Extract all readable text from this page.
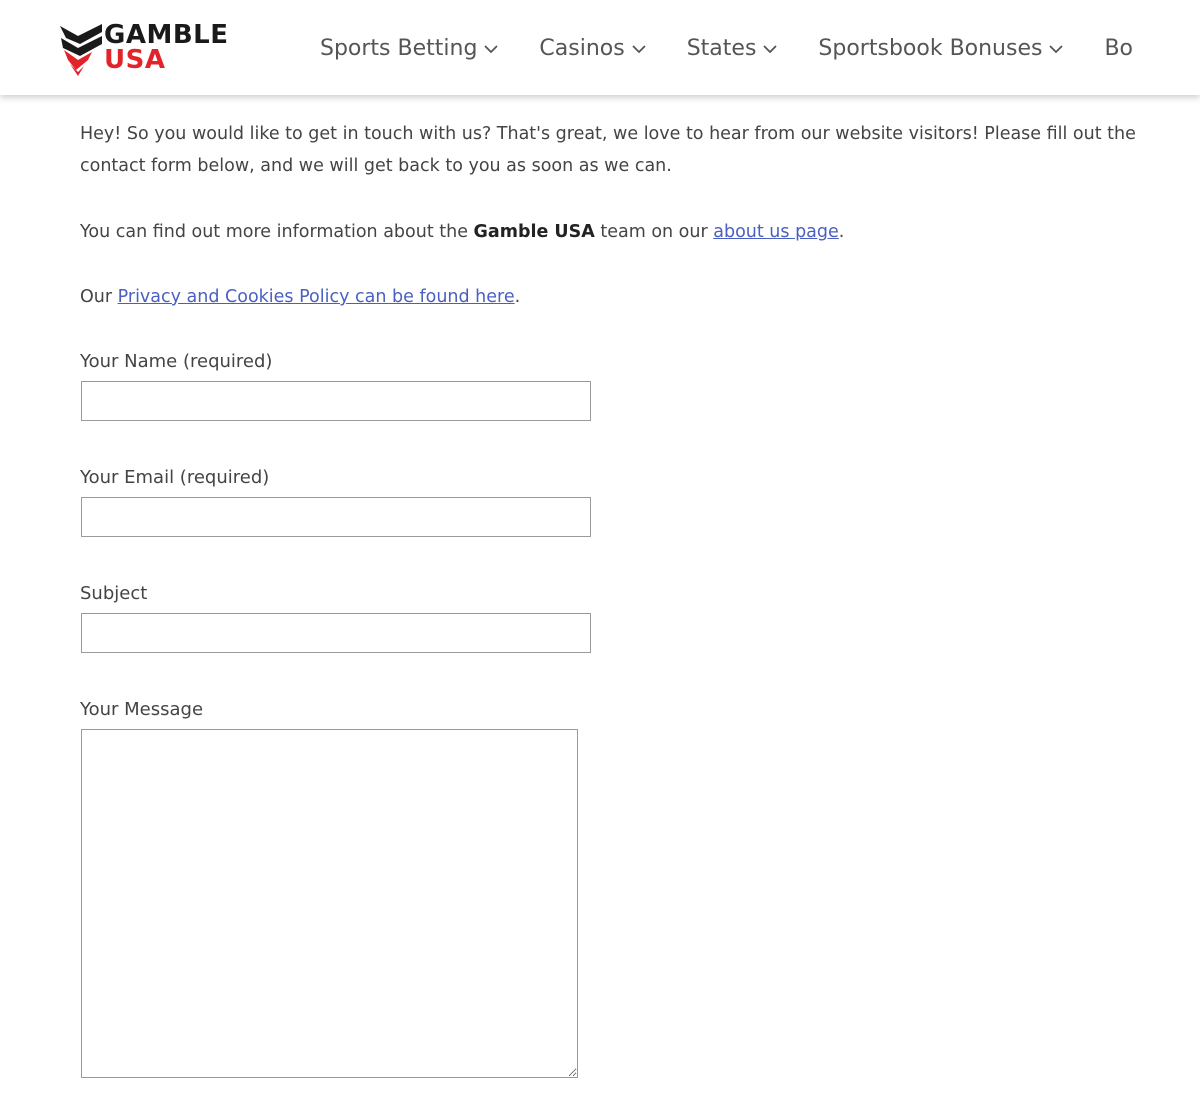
GAMBLE
USA	Sports Betting	Casinos	States	Sportsbook Bonuses	Bo

Hey! So you would like to get in touch with us? That's great, we love to hear from our website visitors! Please fill out the contact form below, and we will get back to you as soon as we can.

You can find out more information about the Gamble USA team on our about us page.

Our Privacy and Cookies Policy can be found here.

Your Name (required)
Your Email (required)
Subject
Your Message
